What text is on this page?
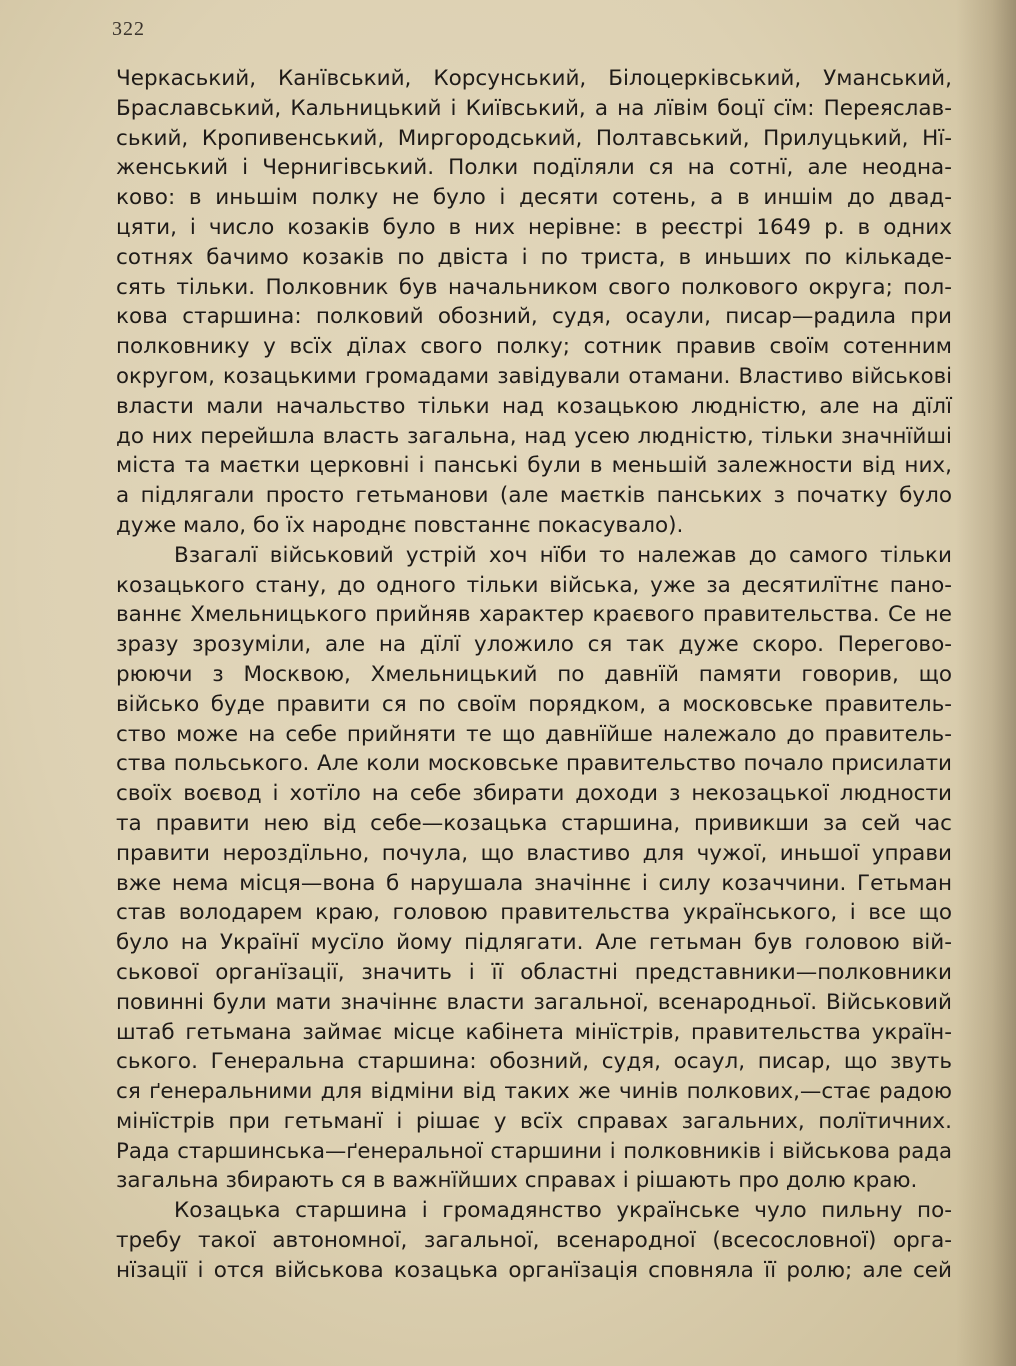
322

Черкаський, Канївський, Корсунський, Білоцерківський, Уманський,
Браславський, Кальницький і Київський, а на лївім боцї сїм: Переяслав-
ський, Кропивенський, Миргородський, Полтавський, Прилуцький, Нї-
женський і Чернигівський. Полки подїляли ся на сотнї, але неодна-
ково: в иньшім полку не було і десяти сотень, а в иншім до двад-
цяти, і число козаків було в них нерівне: в реєстрі 1649 р. в одних
сотнях бачимо козаків по двіста і по триста, в иньших по кількаде-
сять тільки. Полковник був начальником свого полкового округа; пол-
кова старшина: полковий обозний, судя, осаули, писар—радила при
полковнику у всїх дїлах свого полку; сотник правив своїм сотенним
округом, козацькими громадами завідували отамани. Властиво військові
власти мали начальство тільки над козацькою людністю, але на дїлї
до них перейшла власть загальна, над усею людністю, тільки значнїйші
міста та маєтки церковні і панські були в меньшій залежности від них,
а підлягали просто гетьманови (але маєтків панських з початку було
дуже мало, бо їх народнє повстаннє покасувало).

Взагалї військовий устрій хоч нїби то належав до самого тільки
козацького стану, до одного тільки війська, уже за десятилїтнє пано-
ваннє Хмельницького прийняв характер краєвого правительства. Се не
зразу зрозуміли, але на дїлї уложило ся так дуже скоро. Перегово-
рюючи з Москвою, Хмельницький по давнїй памяти говорив, що
військо буде правити ся по своїм порядком, а московське правитель-
ство може на себе прийняти те що давнїйше належало до правитель-
ства польського. Але коли московське правительство почало присилати
своїх воєвод і хотїло на себе збирати доходи з некозацької людности
та правити нею від себе—козацька старшина, привикши за сей час
правити нероздїльно, почула, що властиво для чужої, иньшої управи
вже нема місця—вона б нарушала значіннє і силу козаччини. Гетьман
став володарем краю, головою правительства українського, і все що
було на Українї мусїло йому підлягати. Але гетьман був головою вій-
ськової органїзації, значить і її областні представники—полковники
повинні були мати значіннє власти загальної, всенародньої. Військовий
штаб гетьмана займає місце кабінета мінїстрів, правительства україн-
ського. Генеральна старшина: обозний, судя, осаул, писар, що звуть
ся ґенеральними для відміни від таких же чинів полкових,—стає радою
мінїстрів при гетьманї і рішає у всїх справах загальних, полїтичних.
Рада старшинська—ґенеральної старшини і полковників і військова рада
загальна збирають ся в важнїйших справах і рішають про долю краю.

Козацька старшина і громадянство українське чуло пильну по-
требу такої автономної, загальної, всенародної (всесословної) орга-
нїзації і отся військова козацька органїзація сповняла її ролю; але сей
